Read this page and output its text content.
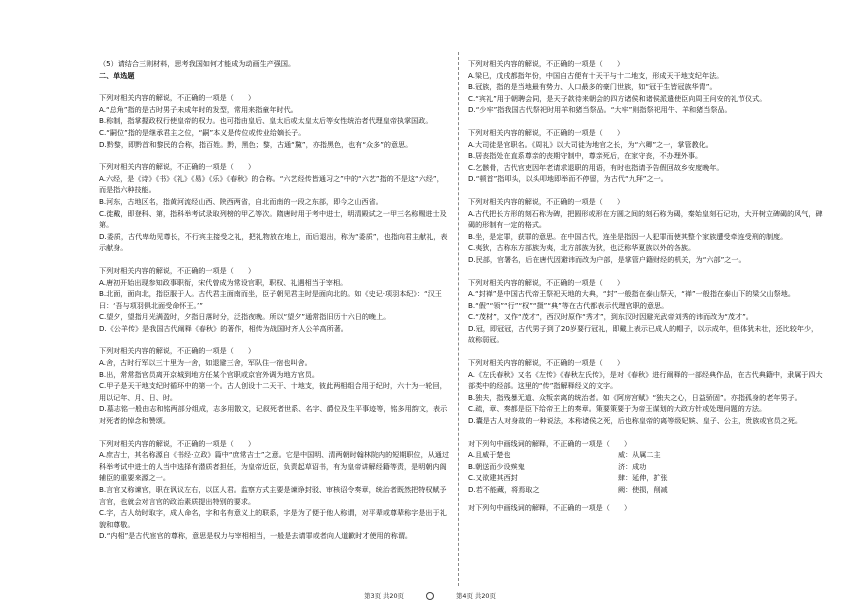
（5）请结合三则材料，思考我国如何才能成为动画生产强国。
二、单选题
下列对相关内容的解说，不正确的一项是（　　）
A.“总角”指的是古时男子未成年时的发型，常用来指童年时代。
B.称制，指掌握政权行使皇帝的权力。也可指由皇后、皇太后或太皇太后等女性统治者代理皇帝执掌国政。
C.“嗣位”指的是继承君主之位，“嗣”本义是传位或传业给嫡长子。
D.黔黎，即黔首和黎民的合称，指百姓。黔，黑色；黎，古通“黧”，亦指黑色，也有“众多”的意思。
下列对相关内容的解说，不正确的一项是（　　）
A.六经，是《诗》《书》《礼》《易》《乐》《春秋》的合称。“六艺经传皆通习之”中的“六艺”指的不是这“六经”，而是指六种技能。
B.河东，古地区名，指黄河流经山西、陕西两省，自北而南的一段之东部，即今之山西省。
C.徙戴，即登科、第，指科举考试录取列榜的甲乙等次。隋唐时用于考中进士，明清殿试之一甲三名称赐进士及第。
D.委质，古代卑幼见尊长，不行宾主接受之礼，把礼物放在地上，而后退出，称为“委质”，也指向君主献礼，表示献身。
下列对相关内容的解说，不正确的一项是（　　）
A.唐初开始出现参知政事职衔，宋代曾成为常设官职，职权、礼遇相当于宰相。
B.北面，面向北，指臣服于人。古代君主面南而坐，臣子朝见君主时是面向北的。如《史记·项羽本纪》：“汉王曰：‘吾与项羽俱北面受命怀王。’”
C.望夕，望指月光满盈时，夕指日落时分，泛指夜晚。所以“望夕”通常指旧历十六日的晚上。
D.《公羊传》是我国古代阐释《春秋》的著作，相传为战国时齐人公羊高所著。
下列对相关内容的解说，不正确的一项是（　　）
A.舍，古时行军以三十里为一舍，如退避三舍，军队住一宿也叫舍。
B.出，常常指官员离开京城到地方任某个官职或京官外调为地方官员。
C.甲子是天干地支纪时循环中的第一个。古人创设十二天干、十地支，彼此两相组合用于纪时，六十为一轮回，用以记年、月、日、时。
D.墓志铭一般由志和铭两部分组成，志多用散文，记叙死者世系、名字、爵位及生平事迹等，铭多用韵文，表示对死者的悼念和赞颂。
下列对相关内容的解说，不正确的一项是（　　）
A.庶吉士，其名称源自《书经·立政》篇中“庶常吉士”之意。它是中国明、清两朝时翰林院内的短期职位，从通过科举考试中进士的人当中选择有潜质者担任，为皇帝近臣，负责起草诏书，有为皇帝讲解经籍等责，是明朝内阁辅臣的重要来源之一。
B.言官又称谏官，职在讽议左右，以匡人君。监察方式主要是谏诤封驳、审核诏令奏章，统治者既然把特权赋予言官，也就会对言官的政治素质提出特别的要求。
C.字，古人幼时取字，成人命名，字和名有意义上的联系，字是为了便于他人称谓，对平辈或尊辈称字是出于礼貌和尊敬。
D.“内相”是古代宦官的尊称，意思是权力与宰相相当，一般是去请罪或者向人道歉时才使用的称谓。
下列对相关内容的解说，不正确的一项是（　　）
A.梁巳，戊戌都指年份，中国自古便有十天干与十二地支，形成天干地支纪年法。
B.冠族，指的是当地最有势力、人口最多的豪门世族，如“冠于生皆冠族华胄”。
C.“宾礼”用于朝聘会同，是天子款待来朝会的四方诸侯和诸侯派遣使臣向周王问安的礼节仪式。
D.“少牢”指我国古代祭祀时用羊和猪当祭品。“大牢”则指祭祀用牛、羊和猪当祭品。
下列对相关内容的解说，不正确的一项是（　　）
A.大司徒是官职名。《周礼》以大司徒为地官之长，为“六卿”之一，掌管教化。
B.居丧指处在直系尊亲的丧期守制中，尊亲死后，在家守丧，不办理外事。
C.乞骸骨，古代官吏因年老请求退职的用语，有时也指请予告假回故乡安度晚年。
D.“顿首”指叩头，以头叩地即举而不停留，为古代“九拜”之一。
下列对相关内容的解说，不正确的一项是（　　）
A.古代把长方形的刻石称为碑，把圆形或形在方圆之间的刻石称为碣，秦始皇刻石记功，大开树立碑碣的风气，碑碣的形制有一定的格式。
B.坐，是定罪，获罪的意思。在中国古代，连坐是指因一人犯罪而使其整个家族遭受牵连受刑的制度。
C.夷狄，古称东方部族为夷，北方部族为狄，也泛称华夏族以外的各族。
D.民部，官署名，后在唐代因避讳而改为户部，是掌管户籍财经的机关，为“六部”之一。
下列对相关内容的解说，不正确的一项是（　　）
A.“封禅”是中国古代帝王祭祀天地的大典，“封”一般指在泰山祭天，“禅”一般指在泰山下的梁父山祭地。
B.“假”“领”“行”“权”“摄”“典”等在古代都表示代理官职的意思。
C.“茂材”，又作“茂才”，西汉时原作“秀才”，到东汉时因避光武帝刘秀的讳而改为“茂才”。
D.冠，即冠冠，古代男子到了20岁要行冠礼，即戴上表示已成人的帽子，以示成年，但体犹未壮，还比较年少，故称弱冠。
下列对相关内容的解说，不正确的一项是（　　）
A.《左氏春秋》又名《左传》《春秋左氏传》，是对《春秋》进行阐释的一部经典作品，在古代典籍中，隶属于四大部类中的经部。这里的“传”指解释经义的文字。
B.独夫，指残暴无道、众叛亲离的统治者。如《阿房宫赋》“独夫之心，日益骄固”。亦指孤身的老年男子。
C.疏，章、奏都是臣下给帝王上的奏章。策要策要于为帝王谋划的大政方针或处理问题的方法。
D.囊是古人对身故的一种说法，本称诸侯之死，后也称皇帝的离等级妃嫔、皇子、公主，贵族或官员之死。
对下列句中画线词的解释，不正确的一项是（　　）
A.且威于楚也	威：从属二主
B.朝送而少设殡鬼	济：成功
C.又欲建其西封	肆：延伸，扩张
D.若不能藏，将焉取之	阙：使损，削减
对下列句中画线词的解释，不正确的一项是（　　）
第3页 共20页	第4页 共20页
